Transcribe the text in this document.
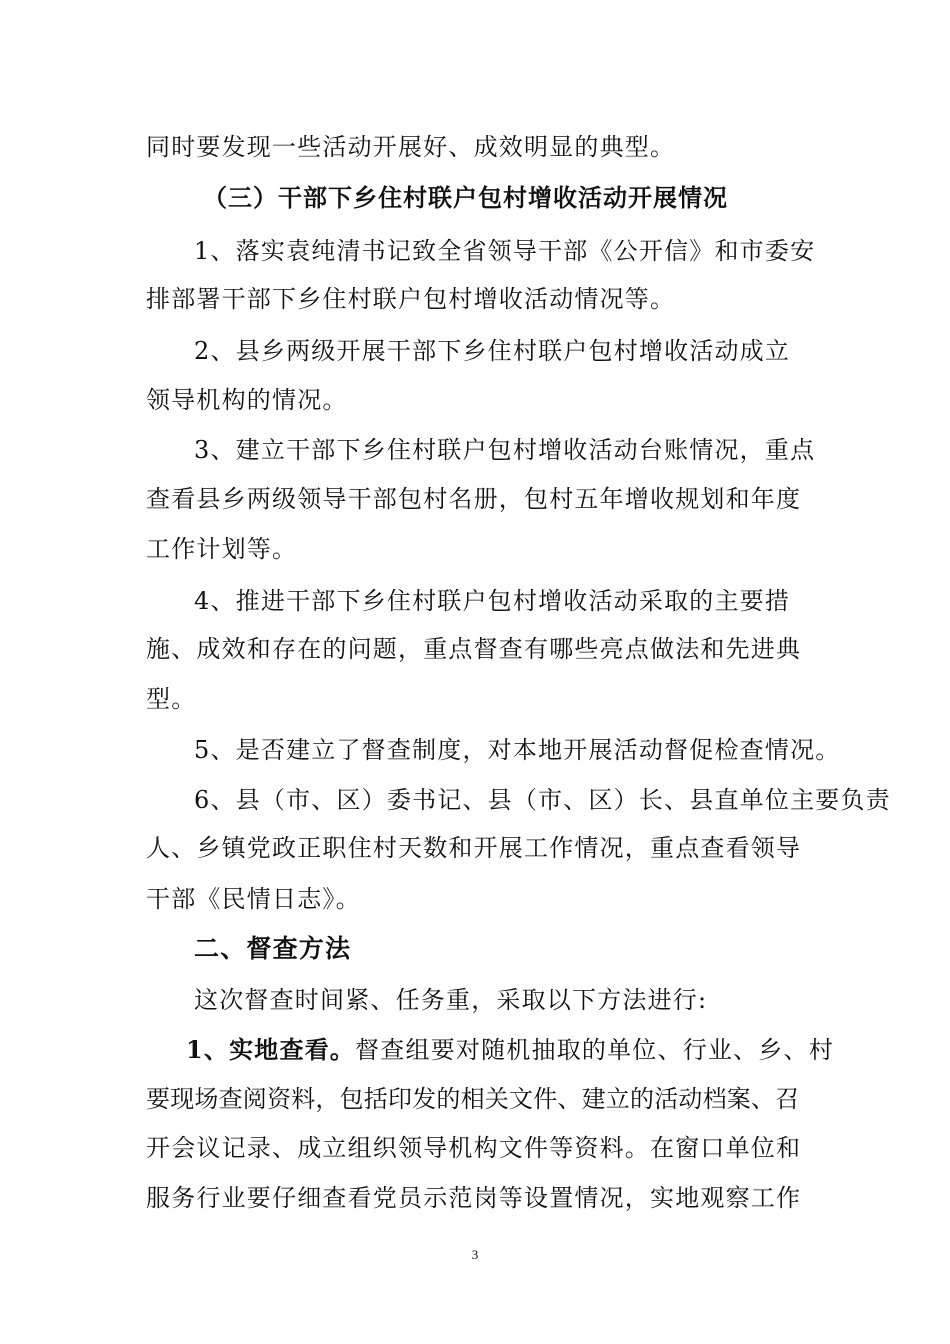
同时要发现一些活动开展好、成效明显的典型。
（三）干部下乡住村联户包村增收活动开展情况
1、落实袁纯清书记致全省领导干部《公开信》和市委安
排部署干部下乡住村联户包村增收活动情况等。
2、县乡两级开展干部下乡住村联户包村增收活动成立
领导机构的情况。
3、建立干部下乡住村联户包村增收活动台账情况，重点
查看县乡两级领导干部包村名册，包村五年增收规划和年度
工作计划等。
4、推进干部下乡住村联户包村增收活动采取的主要措
施、成效和存在的问题，重点督查有哪些亮点做法和先进典
型。
5、是否建立了督查制度，对本地开展活动督促检查情况。
6、县（市、区）委书记、县（市、区）长、县直单位主要负责
人、乡镇党政正职住村天数和开展工作情况，重点查看领导
干部《民情日志》。
二、督查方法
这次督查时间紧、任务重，采取以下方法进行:
1、实地查看。督查组要对随机抽取的单位、行业、乡、村
要现场查阅资料，包括印发的相关文件、建立的活动档案、召
开会议记录、成立组织领导机构文件等资料。在窗口单位和
服务行业要仔细查看党员示范岗等设置情况，实地观察工作
3
